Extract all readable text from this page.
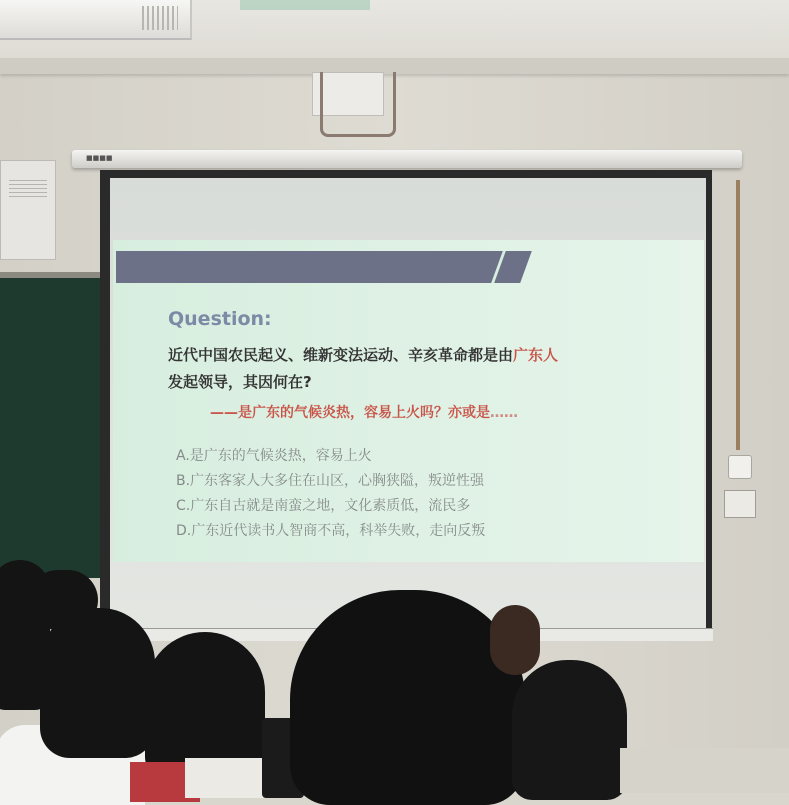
■■■■
Question:
近代中国农民起义、维新变法运动、辛亥革命都是由广东人
发起领导，其因何在?
——是广东的气候炎热，容易上火吗？亦或是……
A.是广东的气候炎热，容易上火
B.广东客家人大多住在山区，心胸狭隘，叛逆性强
C.广东自古就是南蛮之地，文化素质低，流民多
D.广东近代读书人智商不高，科举失败，走向反叛
